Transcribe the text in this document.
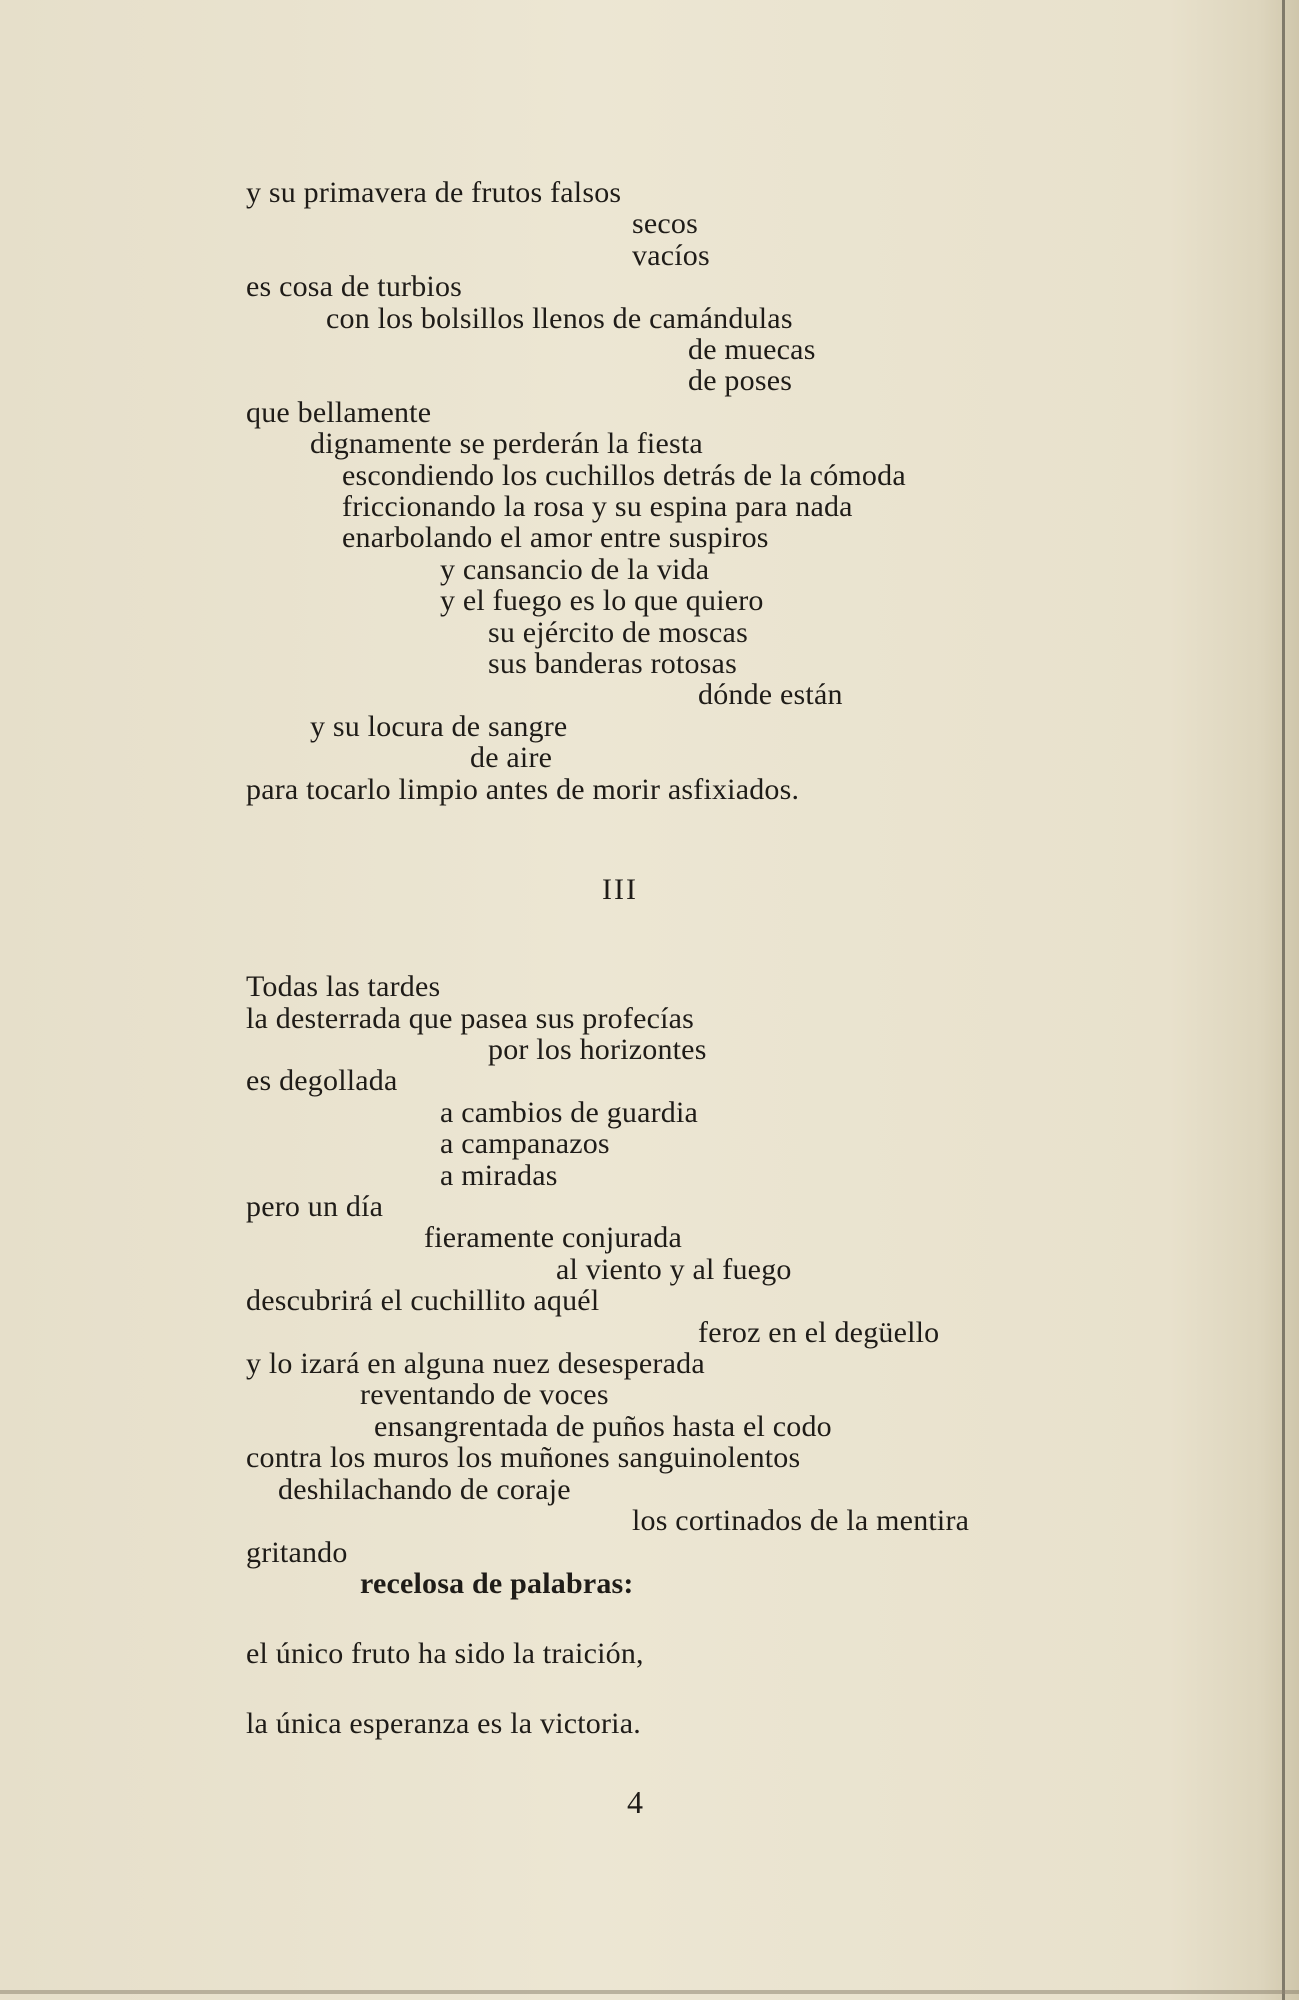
y su primavera de frutos falsos
secos
vacíos
es cosa de turbios
con los bolsillos llenos de camándulas
de muecas
de poses
que bellamente
dignamente se perderán la fiesta
escondiendo los cuchillos detrás de la cómoda
friccionando la rosa y su espina para nada
enarbolando el amor entre suspiros
y cansancio de la vida
y el fuego es lo que quiero
su ejército de moscas
sus banderas rotosas
dónde están
y su locura de sangre
de aire
para tocarlo limpio antes de morir asfixiados.
III
Todas las tardes
la desterrada que pasea sus profecías
por los horizontes
es degollada
a cambios de guardia
a campanazos
a miradas
pero un día
fieramente conjurada
al viento y al fuego
descubrirá el cuchillito aquél
feroz en el degüello
y lo izará en alguna nuez desesperada
reventando de voces
ensangrentada de puños hasta el codo
contra los muros los muñones sanguinolentos
deshilachando de coraje
los cortinados de la mentira
gritando
recelosa de palabras:
el único fruto ha sido la traición,
la única esperanza es la victoria.
4
